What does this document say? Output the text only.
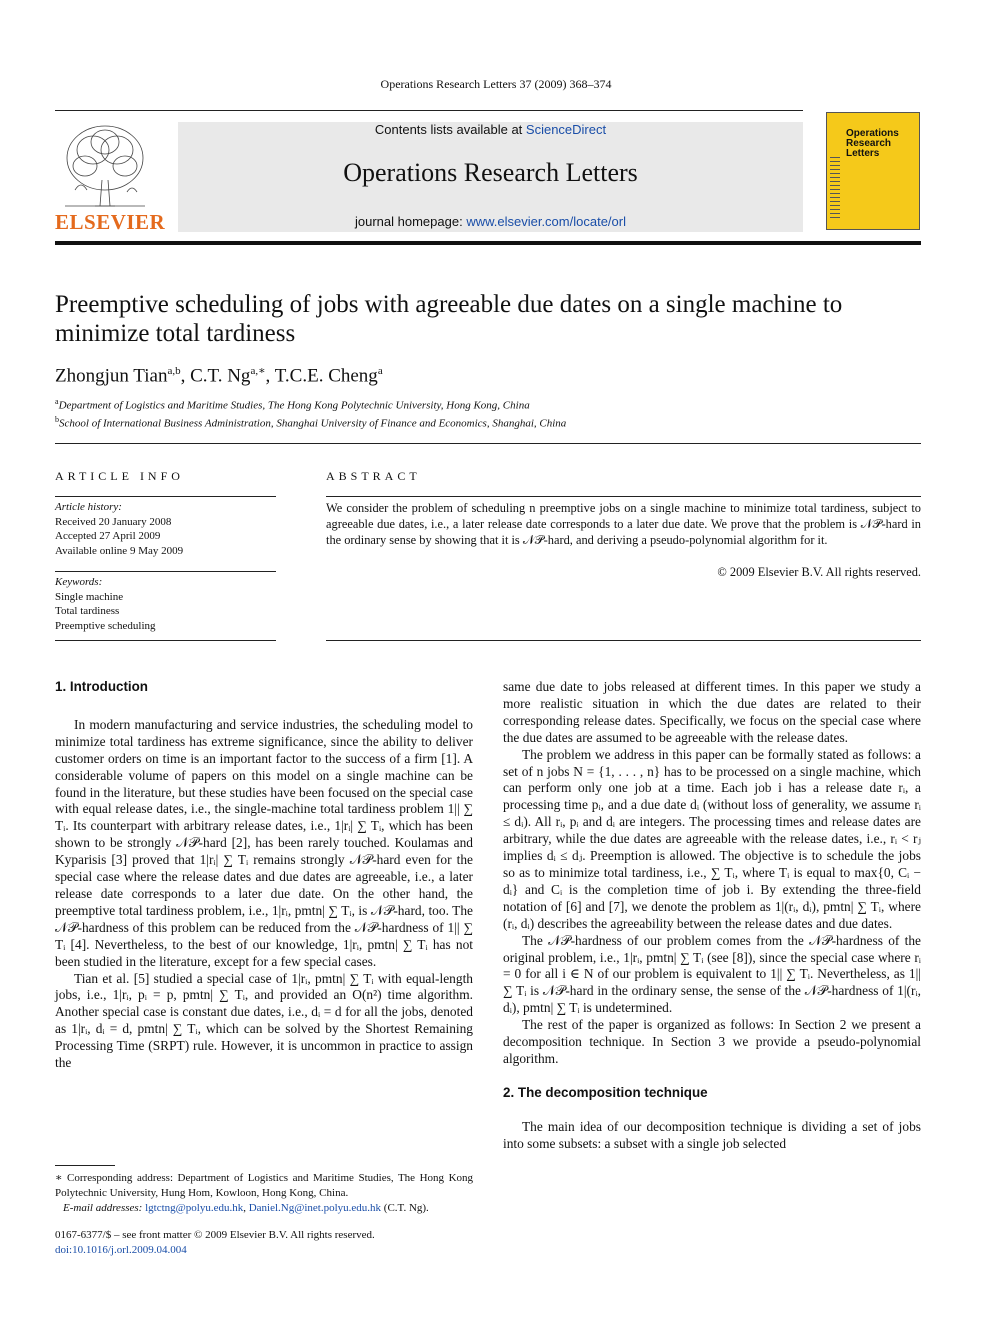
Operations Research Letters 37 (2009) 368–374
ELSEVIER
Contents lists available at ScienceDirect
Operations Research Letters
journal homepage: www.elsevier.com/locate/orl
Operations Research Letters
Preemptive scheduling of jobs with agreeable due dates on a single machine to minimize total tardiness
Zhongjun Tian$^{a,b}$, C.T. $Ng^{a,∗}$, T.C.E. Cheng$^a$
$^a$Department of Logistics and Maritime Studies, The Hong Kong Polytechnic University, Hong Kong, China
$^b$School of International Business Administration, Shanghai University of Finance and Economics, Shanghai, China
ARTICLE INFO	ABSTRACT
Article history:
Received 20 January 2008
Accepted 27 April 2009
Available online 9 May 2009
Keywords:
Single machine
Total tardiness
Preemptive scheduling
We consider the problem of scheduling n preemptive jobs on a single machine to minimize total tardiness, subject to agreeable due dates, i.e., a later release date corresponds to a later due date. We prove that the problem is 𝒩𝒫-hard in the ordinary sense by showing that it is 𝒩𝒫-hard, and deriving a pseudo-polynomial algorithm for it.
© 2009 Elsevier B.V. All rights reserved.
1. Introduction

In modern manufacturing and service industries, the scheduling model to minimize total tardiness has extreme significance, since the ability to deliver customer orders on time is an important factor to the success of a firm [1]. A considerable volume of papers on this model on a single machine can be found in the literature, but these studies have been focused on the special case with equal release dates, i.e., the single-machine total tardiness problem 1|| ∑ Tᵢ. Its counterpart with arbitrary release dates, i.e., 1|rᵢ| ∑ Tᵢ, which has been shown to be strongly 𝒩𝒫-hard [2], has been rarely touched. Koulamas and Kyparisis [3] proved that 1|rᵢ| ∑ Tᵢ remains strongly 𝒩𝒫-hard even for the special case where the release dates and due dates are agreeable, i.e., a later release date corresponds to a later due date. On the other hand, the preemptive total tardiness problem, i.e., 1|rᵢ, pmtn| ∑ Tᵢ, is 𝒩𝒫-hard, too. The 𝒩𝒫-hardness of this problem can be reduced from the 𝒩𝒫-hardness of 1|| ∑ Tᵢ [4]. Nevertheless, to the best of our knowledge, 1|rᵢ, pmtn| ∑ Tᵢ has not been studied in the literature, except for a few special cases.

Tian et al. [5] studied a special case of 1|rᵢ, pmtn| ∑ Tᵢ with equal-length jobs, i.e., 1|rᵢ, pᵢ = p, pmtn| ∑ Tᵢ, and provided an O(n²) time algorithm. Another special case is constant due dates, i.e., dᵢ = d for all the jobs, denoted as 1|rᵢ, dᵢ = d, pmtn| ∑ Tᵢ, which can be solved by the Shortest Remaining Processing Time (SRPT) rule. However, it is uncommon in practice to assign the

same due date to jobs released at different times. In this paper we study a more realistic situation in which the due dates are related to their corresponding release dates. Specifically, we focus on the special case where the due dates are assumed to be agreeable with the release dates.

The problem we address in this paper can be formally stated as follows: a set of n jobs N = {1, . . . , n} has to be processed on a single machine, which can perform only one job at a time. Each job i has a release date rᵢ, a processing time pᵢ, and a due date dᵢ (without loss of generality, we assume rᵢ ≤ dᵢ). All rᵢ, pᵢ and dᵢ are integers. The processing times and release dates are arbitrary, while the due dates are agreeable with the release dates, i.e., rᵢ < rⱼ implies dᵢ ≤ dⱼ. Preemption is allowed. The objective is to schedule the jobs so as to minimize total tardiness, i.e., ∑ Tᵢ, where Tᵢ is equal to max{0, Cᵢ − dᵢ} and Cᵢ is the completion time of job i. By extending the three-field notation of [6] and [7], we denote the problem as 1|(rᵢ, dᵢ), pmtn| ∑ Tᵢ, where (rᵢ, dᵢ) describes the agreeability between the release dates and due dates.

The 𝒩𝒫-hardness of our problem comes from the 𝒩𝒫-hardness of the original problem, i.e., 1|rᵢ, pmtn| ∑ Tᵢ (see [8]), since the special case where rᵢ = 0 for all i ∈ N of our problem is equivalent to 1|| ∑ Tᵢ. Nevertheless, as 1|| ∑ Tᵢ is 𝒩𝒫-hard in the ordinary sense, the sense of the 𝒩𝒫-hardness of 1|(rᵢ, dᵢ), pmtn| ∑ Tᵢ is undetermined.

The rest of the paper is organized as follows: In Section 2 we present a decomposition technique. In Section 3 we provide a pseudo-polynomial algorithm.

2. The decomposition technique

The main idea of our decomposition technique is dividing a set of jobs into some subsets: a subset with a single job selected

∗ Corresponding address: Department of Logistics and Maritime Studies, The Hong Kong Polytechnic University, Hung Hom, Kowloon, Hong Kong, China.
E-mail addresses: lgtctng@polyu.edu.hk, Daniel.Ng@inet.polyu.edu.hk (C.T. Ng).
0167-6377/$ – see front matter © 2009 Elsevier B.V. All rights reserved.
doi:10.1016/j.orl.2009.04.004
